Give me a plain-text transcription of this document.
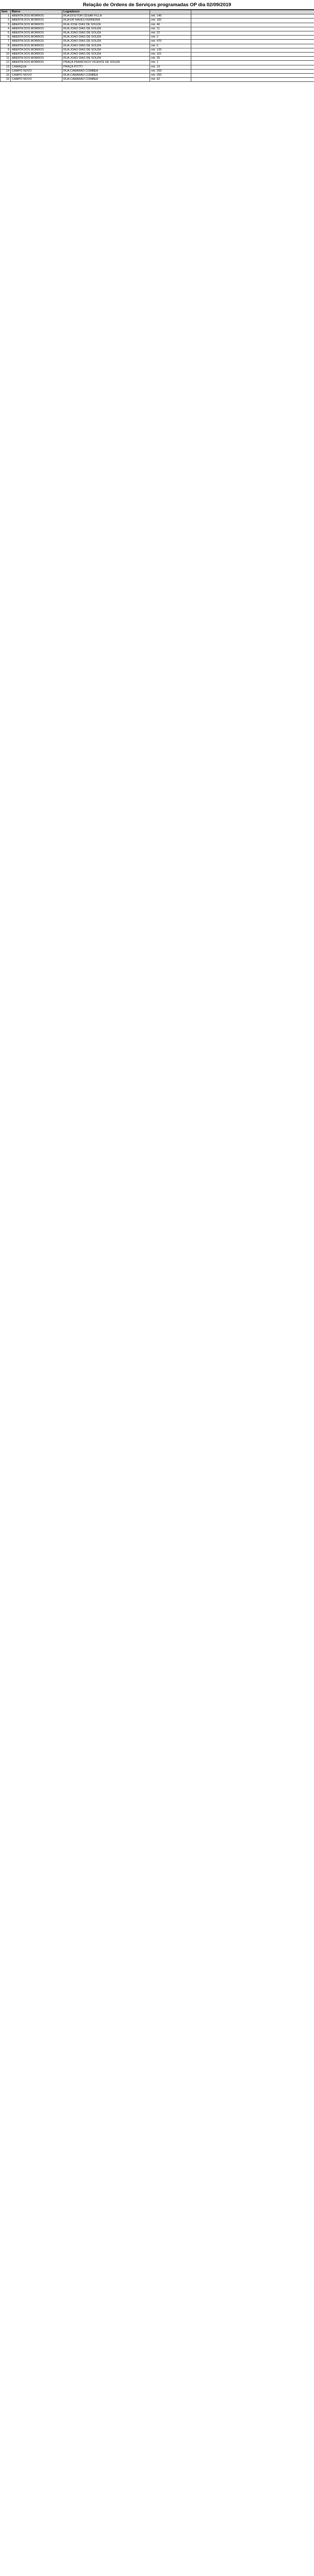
Relação de Ordens de Serviços programadas OP dia 02/09/2019
Item	Bairro	Logradouro		
1	ABERTA DOS MORROS	RUA DOUTOR CESAR FILLA	mtr. 140	
2	ABERTA DOS MORROS	RUA DR NAVES FERREIRA	mtr. 182	
3	ABERTA DOS MORROS	RUA JOSÉ DIAS DE SOUZA	mtr. 46	
4	ABERTA DOS MORROS	RUA JOÃO DIAS DE SOUZA	mtr. 11	
5	ABERTA DOS MORROS	RUA JOÃO DIAS DE SOUZA	mtr. 22	
6	ABERTA DOS MORROS	RUA JOÃO DIAS DE SOUZA	mtr. 2	
7	ABERTA DOS MORROS	RUA JOÃO DIAS DE SOUZA	mtr. 470	
8	ABERTA DOS MORROS	RUA JOÃO DIAS DE SOUZA	mtr. 5	
9	ABERTA DOS MORROS	RUA JOÃO DIAS DE SOUZA	mtr. 133	
10	ABERTA DOS MORROS	RUA JOÃO DIAS DE SOUZA	mtr. 161	
11	ABERTA DOS MORROS	RUA JOÃO DIAS DE SOUZA	mtr. 25	
12	ABERTA DOS MORROS	PRAÇA FRANCISCO VICENTE DE SOUZA	mtr. 1	
13	CAMAQUÃ	PRAÇA POTTI	mtr. 19	
14	CAMPO NOVO	RUA CAMARÃO COMBÉA	mtr. 200	
15	CAMPO NOVO	RUA CAMARÃO COMBÉA	mtr. 250	
16	CAMPO NOVO	RUA CAMARÃO COMBÉA	mtr. 62	
